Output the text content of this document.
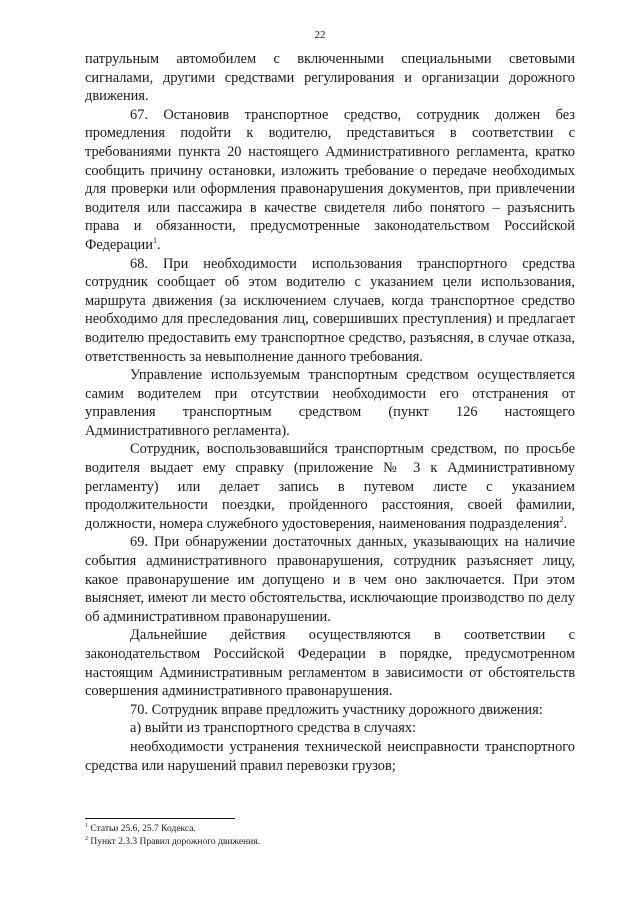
22

патрульным автомобилем с включенными специальными световыми сигналами, другими средствами регулирования и организации дорожного движения.

67. Остановив транспортное средство, сотрудник должен без промедления подойти к водителю, представиться в соответствии с требованиями пункта 20 настоящего Административного регламента, кратко сообщить причину остановки, изложить требование о передаче необходимых для проверки или оформления правонарушения документов, при привлечении водителя или пассажира в качестве свидетеля либо понятого – разъяснить права и обязанности, предусмотренные законодательством Российской Федерации$^1$.

68. При необходимости использования транспортного средства сотрудник сообщает об этом водителю с указанием цели использования, маршрута движения (за исключением случаев, когда транспортное средство необходимо для преследования лиц, совершивших преступления) и предлагает водителю предоставить ему транспортное средство, разъясняя, в случае отказа, ответственность за невыполнение данного требования.

Управление используемым транспортным средством осуществляется самим водителем при отсутствии необходимости его отстранения от управления транспортным средством (пункт 126 настоящего Административного регламента).

Сотрудник, воспользовавшийся транспортным средством, по просьбе водителя выдает ему справку (приложение № 3 к Административному регламенту) или делает запись в путевом листе с указанием продолжительности поездки, пройденного расстояния, своей фамилии, должности, номера служебного удостоверения, наименования подразделения$^2$.

69. При обнаружении достаточных данных, указывающих на наличие события административного правонарушения, сотрудник разъясняет лицу, какое правонарушение им допущено и в чем оно заключается. При этом выясняет, имеют ли место обстоятельства, исключающие производство по делу об административном правонарушении.

Дальнейшие действия осуществляются в соответствии с законодательством Российской Федерации в порядке, предусмотренном настоящим Административным регламентом в зависимости от обстоятельств совершения административного правонарушения.

70. Сотрудник вправе предложить участнику дорожного движения:

а) выйти из транспортного средства в случаях:

необходимости устранения технической неисправности транспортного средства или нарушений правил перевозки грузов;

$^1$ Статьи 25.6, 25.7 Кодекса.

$^2$ Пункт 2.3.3 Правил дорожного движения.
